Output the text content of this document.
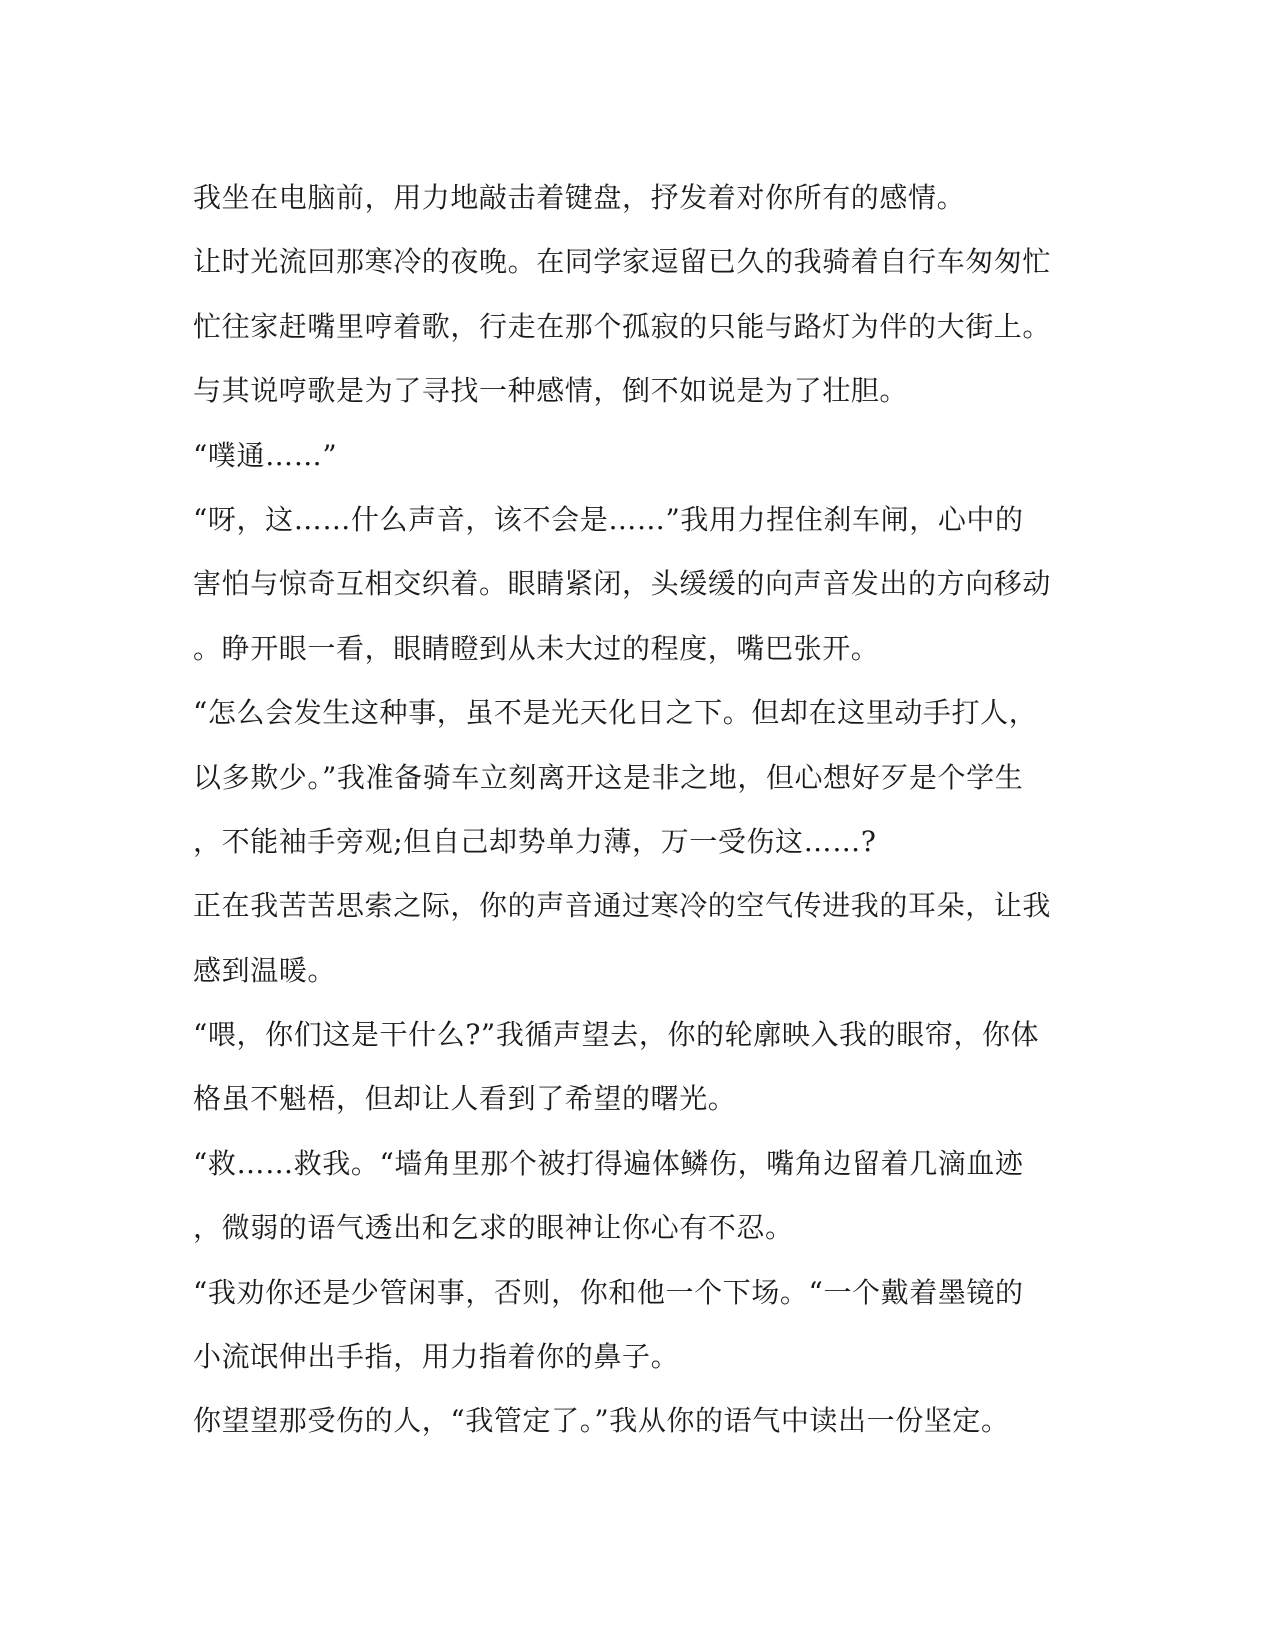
我坐在电脑前，用力地敲击着键盘，抒发着对你所有的感情。
让时光流回那寒冷的夜晚。在同学家逗留已久的我骑着自行车匆匆忙
忙往家赶嘴里哼着歌，行走在那个孤寂的只能与路灯为伴的大街上。
与其说哼歌是为了寻找一种感情，倒不如说是为了壮胆。
“噗通……”
“呀，这……什么声音，该不会是……”我用力捏住刹车闸，心中的
害怕与惊奇互相交织着。眼睛紧闭，头缓缓的向声音发出的方向移动
。睁开眼一看，眼睛瞪到从未大过的程度，嘴巴张开。
“怎么会发生这种事，虽不是光天化日之下。但却在这里动手打人，
以多欺少。”我准备骑车立刻离开这是非之地，但心想好歹是个学生
，不能袖手旁观;但自己却势单力薄，万一受伤这……?
正在我苦苦思索之际，你的声音通过寒冷的空气传进我的耳朵，让我
感到温暖。
“喂，你们这是干什么?”我循声望去，你的轮廓映入我的眼帘，你体
格虽不魁梧，但却让人看到了希望的曙光。
“救……救我。“墙角里那个被打得遍体鳞伤，嘴角边留着几滴血迹
，微弱的语气透出和乞求的眼神让你心有不忍。
“我劝你还是少管闲事，否则，你和他一个下场。“一个戴着墨镜的
小流氓伸出手指，用力指着你的鼻子。
你望望那受伤的人，“我管定了。”我从你的语气中读出一份坚定。
